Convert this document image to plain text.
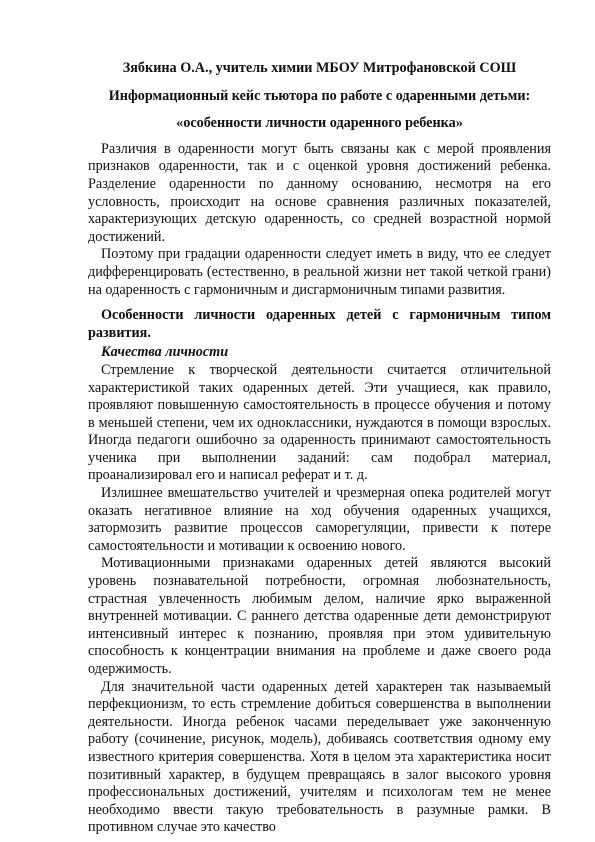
Зябкина О.А., учитель химии МБОУ Митрофановской СОШ

Информационный кейс тьютора по работе с одаренными детьми:

«особенности личности одаренного ребенка»

Различия в одаренности могут быть связаны как с мерой проявления признаков одаренности, так и с оценкой уровня достижений ребенка. Разделение одаренности по данному основанию, несмотря на его условность, происходит на основе сравнения различных показателей, характеризующих детскую одаренность, со средней возрастной нормой достижений.

Поэтому при градации одаренности следует иметь в виду, что ее следует дифференцировать (естественно, в реальной жизни нет такой четкой грани) на одаренность с гармоничным и дисгармоничным типами развития.

Особенности личности одаренных детей с гармоничным типом развития.

Качества личности

Стремление к творческой деятельности считается отличительной характеристикой таких одаренных детей. Эти учащиеся, как правило, проявляют повышенную самостоятельность в процессе обучения и потому в меньшей степени, чем их одноклассники, нуждаются в помощи взрослых. Иногда педагоги ошибочно за одаренность принимают самостоятельность ученика при выполнении заданий: сам подобрал материал, проанализировал его и написал реферат и т. д.

Излишнее вмешательство учителей и чрезмерная опека родителей могут оказать негативное влияние на ход обучения одаренных учащихся, затормозить развитие процессов саморегуляции, привести к потере самостоятельности и мотивации к освоению нового.

Мотивационными признаками одаренных детей являются высокий уровень познавательной потребности, огромная любознательность, страстная увлеченность любимым делом, наличие ярко выраженной внутренней мотивации. С раннего детства одаренные дети демонстрируют интенсивный интерес к познанию, проявляя при этом удивительную способность к концентрации внимания на проблеме и даже своего рода одержимость.

Для значительной части одаренных детей характерен так называемый перфекционизм, то есть стремление добиться совершенства в выполнении деятельности. Иногда ребенок часами переделывает уже законченную работу (сочинение, рисунок, модель), добиваясь соответствия одному ему известного критерия совершенства. Хотя в целом эта характеристика носит позитивный характер, в будущем превращаясь в залог высокого уровня профессиональных достижений, учителям и психологам тем не менее необходимо ввести такую требовательность в разумные рамки. В противном случае это качество
